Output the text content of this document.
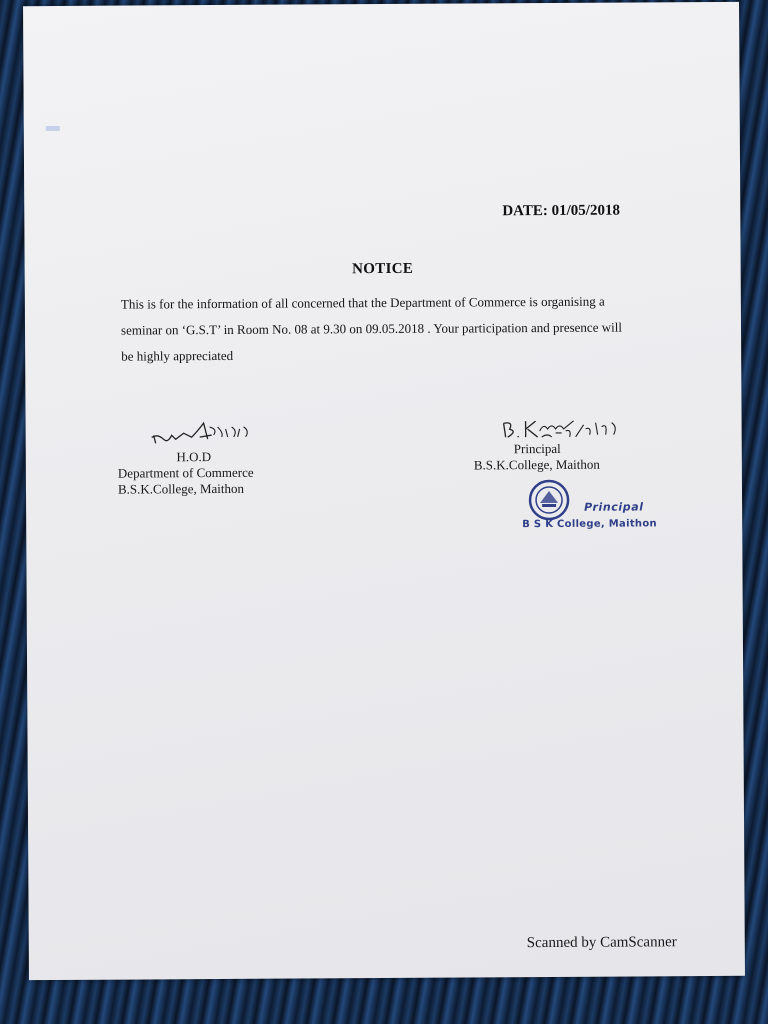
DATE: 01/05/2018
NOTICE

This is for the information of all concerned that the Department of Commerce is organising a

seminar on ‘G.S.T’ in Room No. 08 at 9.30 on 09.05.2018 . Your participation and presence will

be highly appreciated

H.O.D
Department of Commerce
B.S.K.College, Maithon
Principal
B.S.K.College, Maithon
Principal
B S K College, Maithon
Scanned by CamScanner
